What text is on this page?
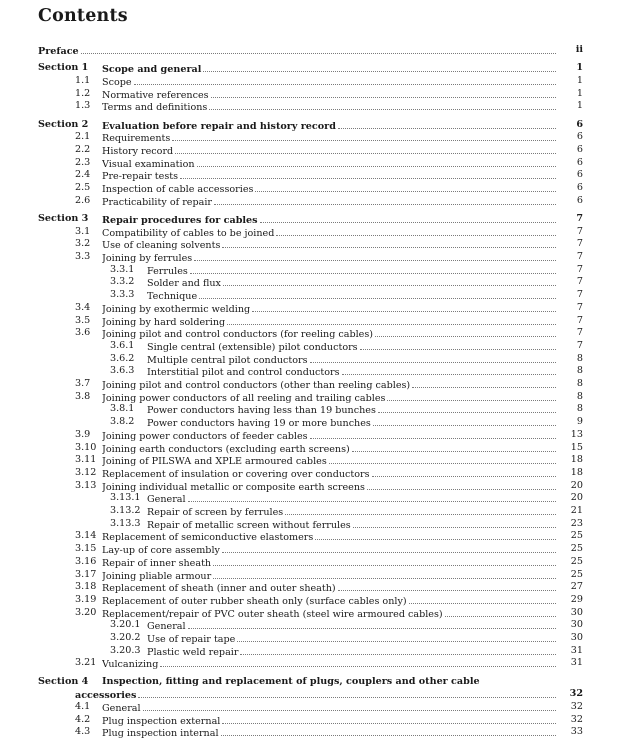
Contents
Preface	ii
Section 1 Scope and general	1
1.1 Scope	1
1.2 Normative references	1
1.3 Terms and definitions	1
Section 2 Evaluation before repair and history record	6
2.1 Requirements	6
2.2 History record	6
2.3 Visual examination	6
2.4 Pre-repair tests	6
2.5 Inspection of cable accessories	6
2.6 Practicability of repair	6
Section 3 Repair procedures for cables	7
3.1 Compatibility of cables to be joined	7
3.2 Use of cleaning solvents	7
3.3 Joining by ferrules	7
3.3.1 Ferrules	7
3.3.2 Solder and flux	7
3.3.3 Technique	7
3.4 Joining by exothermic welding	7
3.5 Joining by hard soldering	7
3.6 Joining pilot and control conductors (for reeling cables)	7
3.6.1 Single central (extensible) pilot conductors	7
3.6.2 Multiple central pilot conductors	8
3.6.3 Interstitial pilot and control conductors	8
3.7 Joining pilot and control conductors (other than reeling cables)	8
3.8 Joining power conductors of all reeling and trailing cables	8
3.8.1 Power conductors having less than 19 bunches	8
3.8.2 Power conductors having 19 or more bunches	9
3.9 Joining power conductors of feeder cables	13
3.10 Joining earth conductors (excluding earth screens)	15
3.11 Joining of PILSWA and XPLE armoured cables	18
3.12 Replacement of insulation or covering over conductors	18
3.13 Joining individual metallic or composite earth screens	20
3.13.1 General	20
3.13.2 Repair of screen by ferrules	21
3.13.3 Repair of metallic screen without ferrules	23
3.14 Replacement of semiconductive elastomers	25
3.15 Lay-up of core assembly	25
3.16 Repair of inner sheath	25
3.17 Joining pliable armour	25
3.18 Replacement of sheath (inner and outer sheath)	27
3.19 Replacement of outer rubber sheath only (surface cables only)	29
3.20 Replacement/repair of PVC outer sheath (steel wire armoured cables)	30
3.20.1 General	30
3.20.2 Use of repair tape	30
3.20.3 Plastic weld repair	31
3.21 Vulcanizing	31
Section 4 Inspection, fitting and replacement of plugs, couplers and other cable
accessories	32
4.1 General	32
4.2 Plug inspection external	32
4.3 Plug inspection internal	33
